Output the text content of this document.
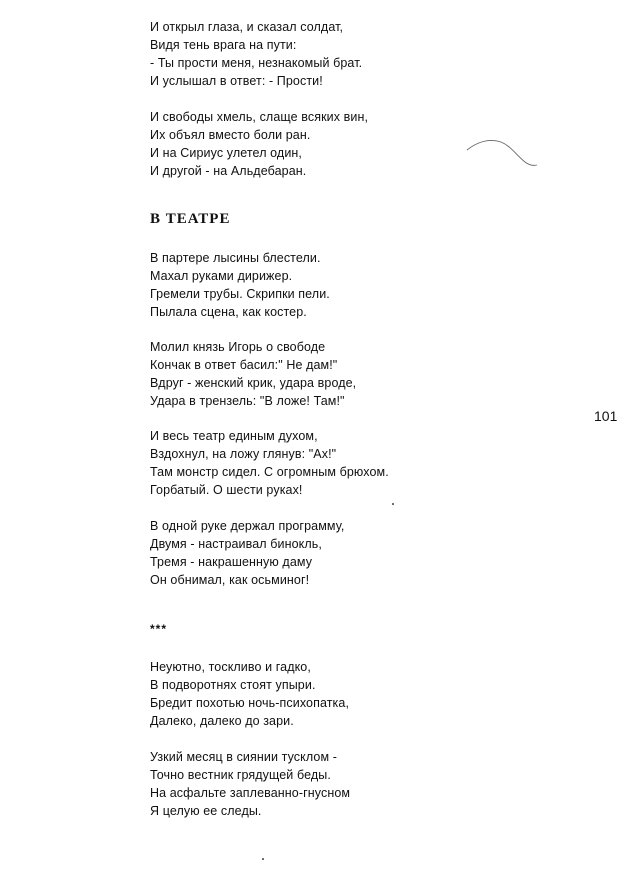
И открыл глаза, и сказал солдат,
Видя тень врага на пути:
- Ты прости меня, незнакомый брат.
И услышал в ответ: - Прости!
И свободы хмель, слаще всяких вин,
Их объял вместо боли ран.
И на Сириус улетел один,
И другой - на Альдебаран.
В ТЕАТРЕ
В партере лысины блестели.
Махал руками дирижер.
Гремели трубы. Скрипки пели.
Пылала сцена, как костер.
Молил князь Игорь о свободе
Кончак в ответ басил:" Не дам!"
Вдруг - женский крик, удара вроде,
Удара в трензель: "В ложе! Там!"
101
И весь театр единым духом,
Вздохнул, на ложу глянув: "Ах!"
Там монстр сидел. С огромным брюхом.
Горбатый. О шести руках!
В одной руке держал программу,
Двумя - настраивал бинокль,
Тремя - накрашенную даму
Он обнимал, как осьминог!
***
Неуютно, тоскливо и гадко,
В подворотнях стоят упыри.
Бредит похотью ночь-психопатка,
Далеко, далеко до зари.
Узкий месяц в сиянии тусклом -
Точно вестник грядущей беды.
На асфальте заплеванно-гнусном
Я целую ее следы.
